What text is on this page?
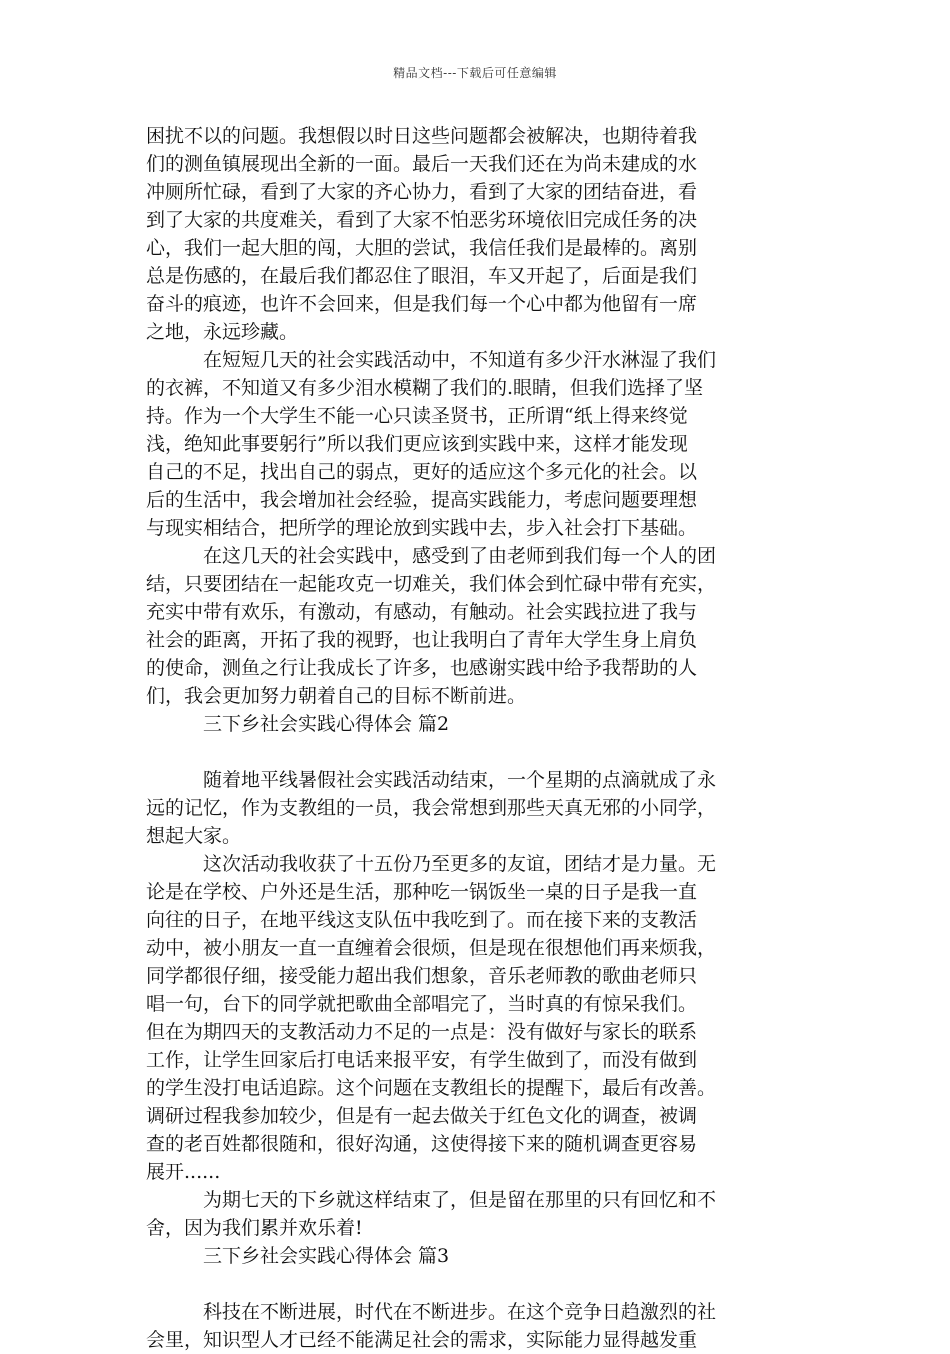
精品文档---下载后可任意编辑
困扰不以的问题。我想假以时日这些问题都会被解决，也期待着我
们的测鱼镇展现出全新的一面。最后一天我们还在为尚未建成的水
冲厕所忙碌，看到了大家的齐心协力，看到了大家的团结奋进，看
到了大家的共度难关，看到了大家不怕恶劣环境依旧完成任务的决
心，我们一起大胆的闯，大胆的尝试，我信任我们是最棒的。离别
总是伤感的，在最后我们都忍住了眼泪，车又开起了，后面是我们
奋斗的痕迹，也许不会回来，但是我们每一个心中都为他留有一席
之地，永远珍藏。
在短短几天的社会实践活动中，不知道有多少汗水淋湿了我们
的衣裤，不知道又有多少泪水模糊了我们的.眼睛，但我们选择了坚
持。作为一个大学生不能一心只读圣贤书，正所谓“纸上得来终觉
浅，绝知此事要躬行”所以我们更应该到实践中来，这样才能发现
自己的不足，找出自己的弱点，更好的适应这个多元化的社会。以
后的生活中，我会增加社会经验，提高实践能力，考虑问题要理想
与现实相结合，把所学的理论放到实践中去，步入社会打下基础。
在这几天的社会实践中，感受到了由老师到我们每一个人的团
结，只要团结在一起能攻克一切难关，我们体会到忙碌中带有充实，
充实中带有欢乐，有激动，有感动，有触动。社会实践拉进了我与
社会的距离，开拓了我的视野，也让我明白了青年大学生身上肩负
的使命，测鱼之行让我成长了许多，也感谢实践中给予我帮助的人
们，我会更加努力朝着自己的目标不断前进。
三下乡社会实践心得体会 篇2
随着地平线暑假社会实践活动结束，一个星期的点滴就成了永
远的记忆，作为支教组的一员，我会常想到那些天真无邪的小同学，
想起大家。
这次活动我收获了十五份乃至更多的友谊，团结才是力量。无
论是在学校、户外还是生活，那种吃一锅饭坐一桌的日子是我一直
向往的日子，在地平线这支队伍中我吃到了。而在接下来的支教活
动中，被小朋友一直一直缠着会很烦，但是现在很想他们再来烦我，
同学都很仔细，接受能力超出我们想象，音乐老师教的歌曲老师只
唱一句，台下的同学就把歌曲全部唱完了，当时真的有惊呆我们。
但在为期四天的支教活动力不足的一点是：没有做好与家长的联系
工作，让学生回家后打电话来报平安，有学生做到了，而没有做到
的学生没打电话追踪。这个问题在支教组长的提醒下，最后有改善。
调研过程我参加较少，但是有一起去做关于红色文化的调查，被调
查的老百姓都很随和，很好沟通，这使得接下来的随机调查更容易
展开......
为期七天的下乡就这样结束了，但是留在那里的只有回忆和不
舍，因为我们累并欢乐着!
三下乡社会实践心得体会 篇3
科技在不断进展，时代在不断进步。在这个竞争日趋激烈的社
会里，知识型人才已经不能满足社会的需求，实际能力显得越发重
